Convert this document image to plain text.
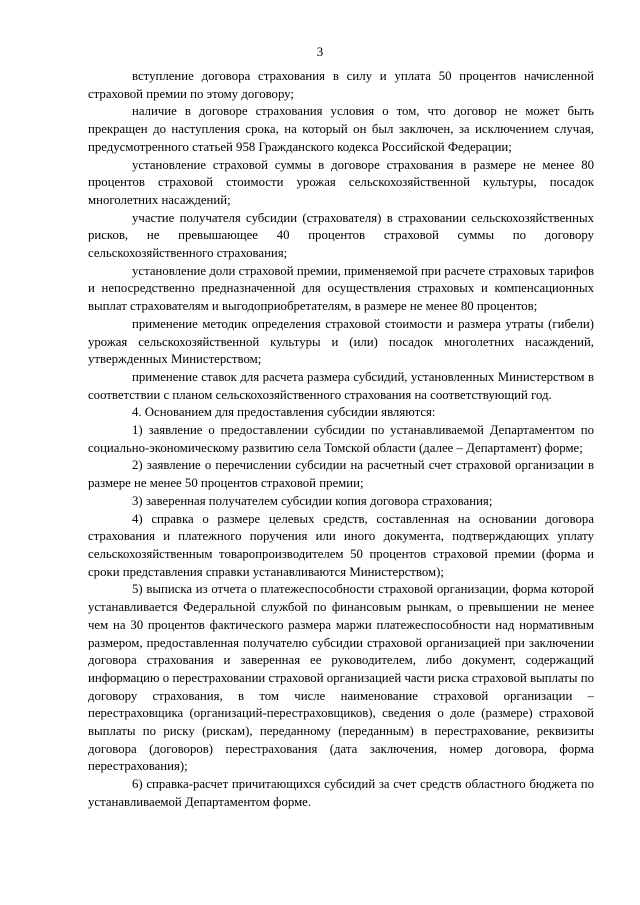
3

вступление договора страхования в силу и уплата 50 процентов начисленной страховой премии по этому договору;

наличие в договоре страхования условия о том, что договор не может быть прекращен до наступления срока, на который он был заключен, за исключением случая, предусмотренного статьей 958 Гражданского кодекса Российской Федерации;

установление страховой суммы в договоре страхования в размере не менее 80 процентов страховой стоимости урожая сельскохозяйственной культуры, посадок многолетних насаждений;

участие получателя субсидии (страхователя) в страховании сельскохозяйственных рисков, не превышающее 40 процентов страховой суммы по договору сельскохозяйственного страхования;

установление доли страховой премии, применяемой при расчете страховых тарифов и непосредственно предназначенной для осуществления страховых и компенсационных выплат страхователям и выгодоприобретателям, в размере не менее 80 процентов;

применение методик определения страховой стоимости и размера утраты (гибели) урожая сельскохозяйственной культуры и (или) посадок многолетних насаждений, утвержденных Министерством;

применение ставок для расчета размера субсидий, установленных Министерством в соответствии с планом сельскохозяйственного страхования на соответствующий год.

4. Основанием для предоставления субсидии являются:

1) заявление о предоставлении субсидии по устанавливаемой Департаментом по социально-экономическому развитию села Томской области (далее – Департамент) форме;

2) заявление о перечислении субсидии на расчетный счет страховой организации в размере не менее 50 процентов страховой премии;

3) заверенная получателем субсидии копия договора страхования;

4) справка о размере целевых средств, составленная на основании договора страхования и платежного поручения или иного документа, подтверждающих уплату сельскохозяйственным товаропроизводителем 50 процентов страховой премии (форма и сроки представления справки устанавливаются Министерством);

5) выписка из отчета о платежеспособности страховой организации, форма которой устанавливается Федеральной службой по финансовым рынкам, о превышении не менее чем на 30 процентов фактического размера маржи платежеспособности над нормативным размером, предоставленная получателю субсидии страховой организацией при заключении договора страхования и заверенная ее руководителем, либо документ, содержащий информацию о перестраховании страховой организацией части риска страховой выплаты по договору страхования, в том числе наименование страховой организации – перестраховщика (организаций-перестраховщиков), сведения о доле (размере) страховой выплаты по риску (рискам), переданному (переданным) в перестрахование, реквизиты договора (договоров) перестрахования (дата заключения, номер договора, форма перестрахования);

6) справка-расчет причитающихся субсидий за счет средств областного бюджета по устанавливаемой Департаментом форме.
